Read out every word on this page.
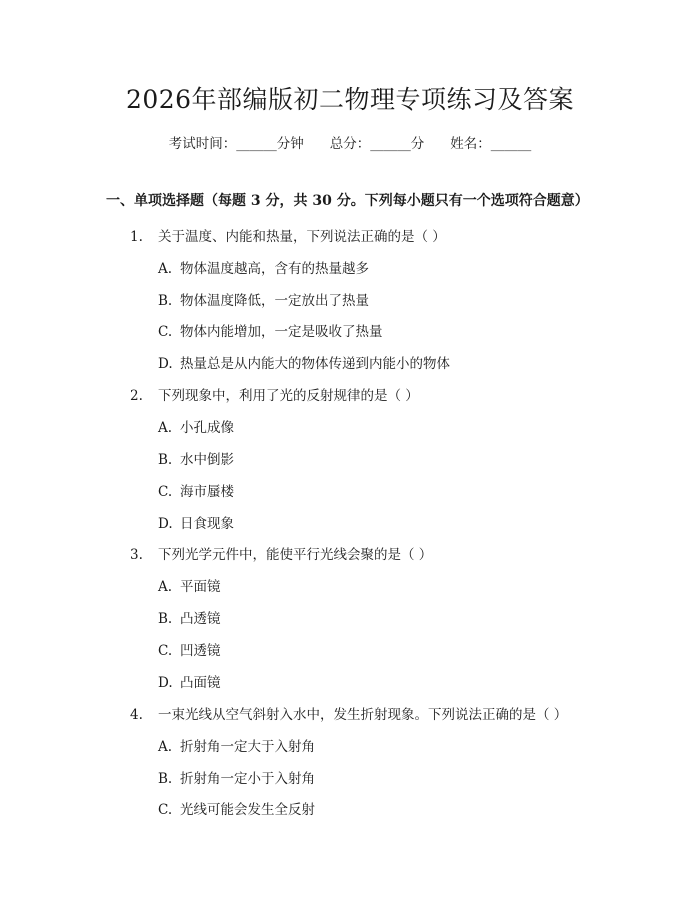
2026年部编版初二物理专项练习及答案
考试时间：______分钟 总分：______分 姓名：______
一、单项选择题（每题 3 分，共 30 分。下列每小题只有一个选项符合题意）
1. 关于温度、内能和热量，下列说法正确的是（ ）
A. 物体温度越高，含有的热量越多
B. 物体温度降低，一定放出了热量
C. 物体内能增加，一定是吸收了热量
D. 热量总是从内能大的物体传递到内能小的物体
2. 下列现象中，利用了光的反射规律的是（ ）
A. 小孔成像
B. 水中倒影
C. 海市蜃楼
D. 日食现象
3. 下列光学元件中，能使平行光线会聚的是（ ）
A. 平面镜
B. 凸透镜
C. 凹透镜
D. 凸面镜
4. 一束光线从空气斜射入水中，发生折射现象。下列说法正确的是（ ）
A. 折射角一定大于入射角
B. 折射角一定小于入射角
C. 光线可能会发生全反射
